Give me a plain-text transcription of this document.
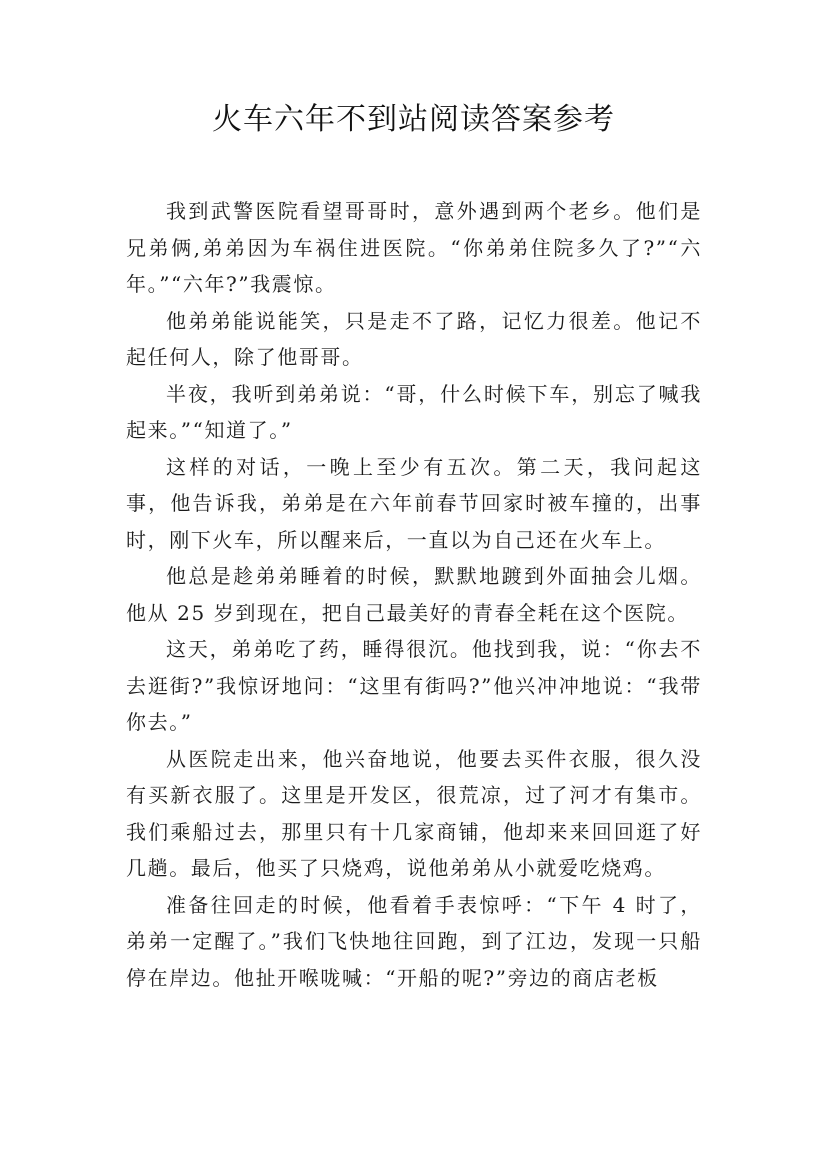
火车六年不到站阅读答案参考

我到武警医院看望哥哥时，意外遇到两个老乡。他们是兄弟俩,弟弟因为车祸住进医院。“你弟弟住院多久了?”“六年。”“六年?”我震惊。

他弟弟能说能笑，只是走不了路，记忆力很差。他记不起任何人，除了他哥哥。

半夜，我听到弟弟说：“哥，什么时候下车，别忘了喊我起来。”“知道了。”

这样的对话，一晚上至少有五次。第二天，我问起这事，他告诉我，弟弟是在六年前春节回家时被车撞的，出事时，刚下火车，所以醒来后，一直以为自己还在火车上。

他总是趁弟弟睡着的时候，默默地踱到外面抽会儿烟。他从 25 岁到现在，把自己最美好的青春全耗在这个医院。

这天，弟弟吃了药，睡得很沉。他找到我，说：“你去不去逛街?”我惊讶地问：“这里有街吗?”他兴冲冲地说：“我带你去。”

从医院走出来，他兴奋地说，他要去买件衣服，很久没有买新衣服了。这里是开发区，很荒凉，过了河才有集市。我们乘船过去，那里只有十几家商铺，他却来来回回逛了好几趟。最后，他买了只烧鸡，说他弟弟从小就爱吃烧鸡。

准备往回走的时候，他看着手表惊呼：“下午 4 时了，弟弟一定醒了。”我们飞快地往回跑，到了江边，发现一只船停在岸边。他扯开喉咙喊：“开船的呢?”旁边的商店老板
